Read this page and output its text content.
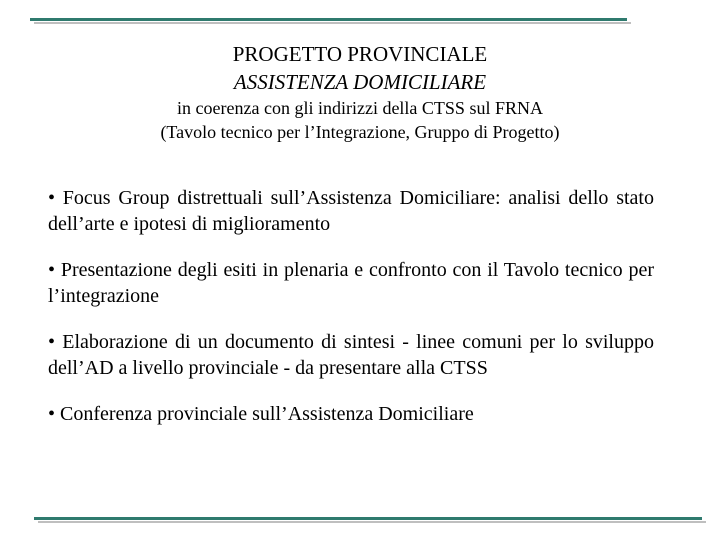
PROGETTO PROVINCIALE
ASSISTENZA DOMICILIARE
in coerenza con gli indirizzi della CTSS sul FRNA
(Tavolo tecnico per l’Integrazione, Gruppo di Progetto)

• Focus Group distrettuali sull’Assistenza Domiciliare: analisi dello stato dell’arte e ipotesi di miglioramento

• Presentazione degli esiti in plenaria e confronto con il Tavolo tecnico per l’integrazione

• Elaborazione di un documento di sintesi - linee comuni per lo sviluppo dell’AD a livello provinciale - da presentare alla CTSS

• Conferenza provinciale sull’Assistenza Domiciliare
